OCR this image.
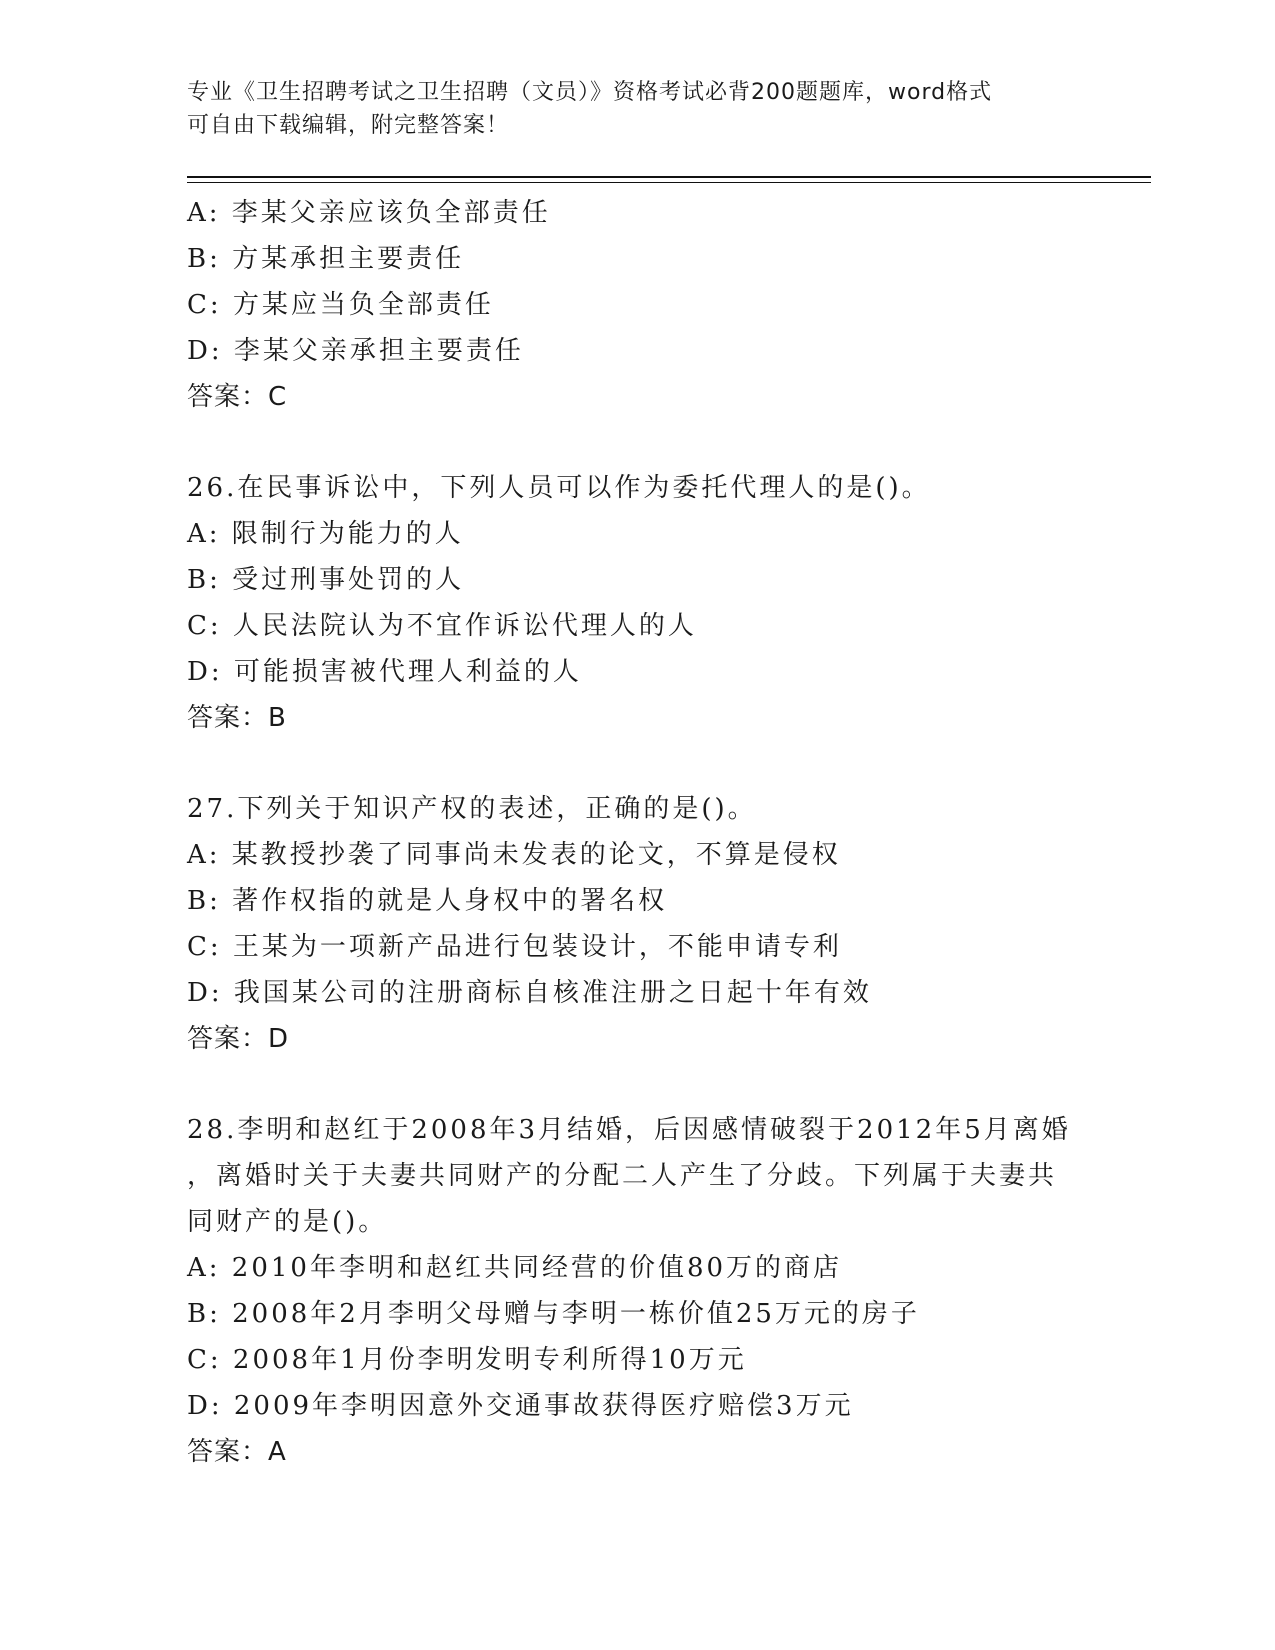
专业《卫生招聘考试之卫生招聘（文员）》资格考试必背200题题库，word格式
可自由下载编辑，附完整答案！
A: 李某父亲应该负全部责任
B: 方某承担主要责任
C: 方某应当负全部责任
D: 李某父亲承担主要责任
答案：C
26.在民事诉讼中，下列人员可以作为委托代理人的是()。
A: 限制行为能力的人
B: 受过刑事处罚的人
C: 人民法院认为不宜作诉讼代理人的人
D: 可能损害被代理人利益的人
答案：B
27.下列关于知识产权的表述，正确的是()。
A: 某教授抄袭了同事尚未发表的论文，不算是侵权
B: 著作权指的就是人身权中的署名权
C: 王某为一项新产品进行包装设计，不能申请专利
D: 我国某公司的注册商标自核准注册之日起十年有效
答案：D
28.李明和赵红于2008年3月结婚，后因感情破裂于2012年5月离婚
，离婚时关于夫妻共同财产的分配二人产生了分歧。下列属于夫妻共
同财产的是()。
A: 2010年李明和赵红共同经营的价值80万的商店
B: 2008年2月李明父母赠与李明一栋价值25万元的房子
C: 2008年1月份李明发明专利所得10万元
D: 2009年李明因意外交通事故获得医疗赔偿3万元
答案：A
